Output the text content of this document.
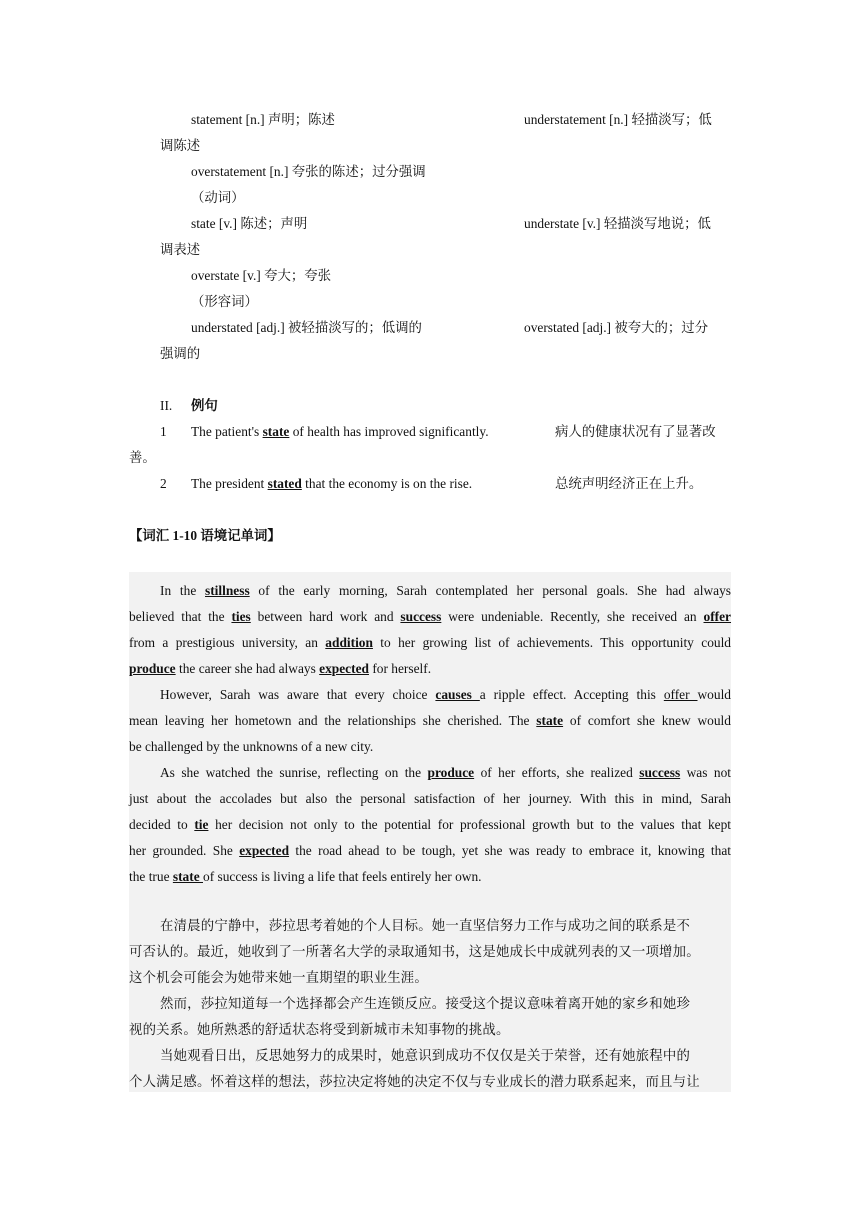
statement [n.] 声明；陈述	understatement [n.] 轻描淡写；低
调陈述
overstatement [n.] 夸张的陈述；过分强调
（动词）
state [v.] 陈述；声明	understate [v.] 轻描淡写地说；低
调表述
overstate [v.] 夸大；夸张
（形容词）
understated [adj.] 被轻描淡写的；低调的	overstated [adj.] 被夸大的；过分
强调的
II. 例句
1 The patient's state of health has improved significantly.	病人的健康状况有了显著改
善。
2 The president stated that the economy is on the rise.	总统声明经济正在上升。
【词汇 1-10 语境记单词】
In the stillness of the early morning, Sarah contemplated her personal goals. She had always
believed that the ties between hard work and success were undeniable. Recently, she received an offer
from a prestigious university, an addition to her growing list of achievements. This opportunity could
produce the career she had always expected for herself.
However, Sarah was aware that every choice causes a ripple effect. Accepting this offer would
mean leaving her hometown and the relationships she cherished. The state of comfort she knew would
be challenged by the unknowns of a new city.
As she watched the sunrise, reflecting on the produce of her efforts, she realized success was not
just about the accolades but also the personal satisfaction of her journey. With this in mind, Sarah
decided to tie her decision not only to the potential for professional growth but to the values that kept
her grounded. She expected the road ahead to be tough, yet she was ready to embrace it, knowing that
the true state of success is living a life that feels entirely her own.
在清晨的宁静中，莎拉思考着她的个人目标。她一直坚信努力工作与成功之间的联系是不
可否认的。最近，她收到了一所著名大学的录取通知书，这是她成长中成就列表的又一项增加。
这个机会可能会为她带来她一直期望的职业生涯。
然而，莎拉知道每一个选择都会产生连锁反应。接受这个提议意味着离开她的家乡和她珍
视的关系。她所熟悉的舒适状态将受到新城市未知事物的挑战。
当她观看日出，反思她努力的成果时，她意识到成功不仅仅是关于荣誉，还有她旅程中的
个人满足感。怀着这样的想法，莎拉决定将她的决定不仅与专业成长的潜力联系起来，而且与让
